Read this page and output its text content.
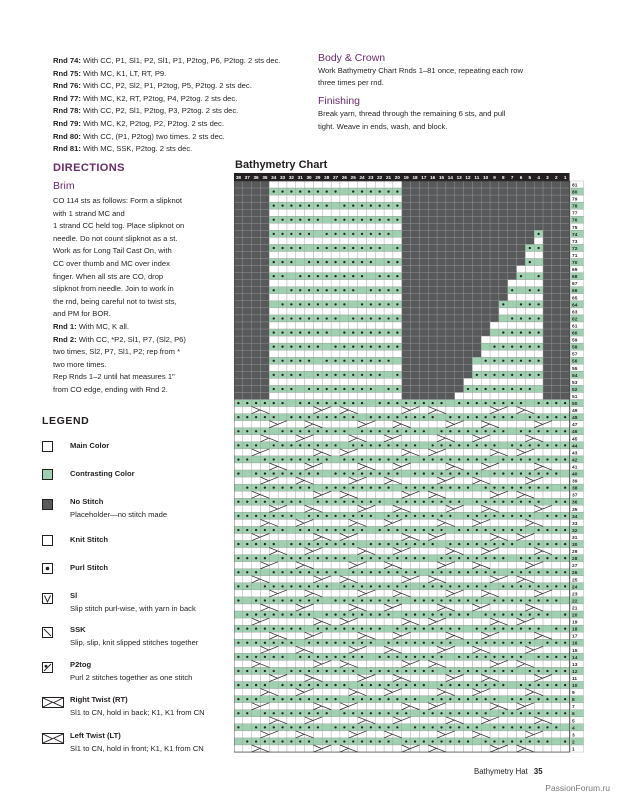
Rnd 74: With CC, P1, Sl1, P2, Sl1, P1, P2tog, P6, P2tog. 2 sts dec.
Rnd 75: With MC, K1, LT, RT, P9.
Rnd 76: With CC, P2, Sl2, P1, P2tog, P5, P2tog. 2 sts dec.
Rnd 77: With MC, K2, RT, P2tog, P4, P2tog. 2 sts dec.
Rnd 78: With CC, P2, Sl1, P2tog, P3, P2tog. 2 sts dec.
Rnd 79: With MC, K2, P2tog, P2, P2tog. 2 sts dec.
Rnd 80: With CC, (P1, P2tog) two times. 2 sts dec.
Rnd 81: With MC, SSK, P2tog. 2 sts dec.
Body & Crown
Work Bathymetry Chart Rnds 1–81 once, repeating each row
three times per rnd.
Finishing
Break yarn, thread through the remaining 6 sts, and pull
tight. Weave in ends, wash, and block.
DIRECTIONS
Brim
CO 114 sts as follows: Form a slipknot
with 1 strand MC and
1 strand CC held tog. Place slipknot on
needle. Do not count slipknot as a st.
Work as for Long Tail Cast On, with
CC over thumb and MC over index
finger. When all sts are CO, drop
slipknot from needle. Join to work in
the rnd, being careful not to twist sts,
and PM for BOR.
Rnd 1: With MC, K all.
Rnd 2: With CC, *P2, Sl1, P7, (Sl2, P6)
two times, Sl2, P7, Sl1, P2; rep from *
two more times.
Rep Rnds 1–2 until hat measures 1"
from CO edge, ending with Rnd 2.
LEGEND
Main Color
Contrasting Color
No Stitch
Placeholder—no stitch made
Knit Stitch
Purl Stitch
Sl
Slip stitch purl-wise, with yarn in back
SSK
Slip, slip, knit slipped stitches together
P2tog
Purl 2 stitches together as one stitch
Right Twist (RT)
Sl1 to CN, hold in back; K1, K1 from CN
Left Twist (LT)
Sl1 to CN, hold in front; K1, K1 from CN
Bathymetry Chart
38 37 36 35 34 33 32 31 30 29 28 27 26 25 24 23 22 21 20 19 18 17 16 15 14 13 12 11 10 9 8 7 6 5 4 3 2 1
81
80
79
78
77
76
75
74
73
72
71
70
69
68
67
66
65
64
63
62
61
60
59
58
57
56
55
54
53
52
51
50
49
48
47
46
45
44
43
42
41
40
39
38
37
36
35
34
33
32
31
30
29
28
27
26
25
24
23
22
21
20
19
18
17
16
15
14
13
12
11
10
9
8
7
6
5
4
3
2
1
Bathymetry Hat 35
PassionForum.ru
